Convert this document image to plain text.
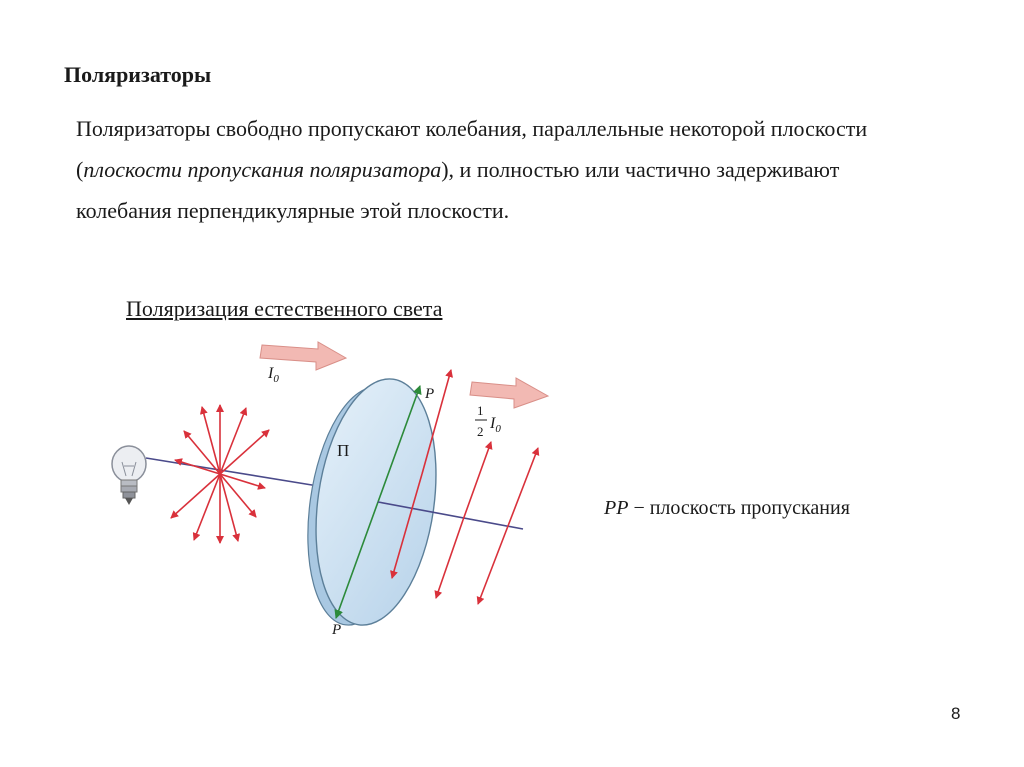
Поляризаторы
Поляризаторы свободно пропускают колебания, параллельные некоторой плоскости (плоскости пропускания поляризатора), и полностью или частично задерживают колебания перпендикулярные этой плоскости.
Поляризация естественного света
$I_0$
1
2 $I_0$
П
P
P
PP − плоскость пропускания
8
